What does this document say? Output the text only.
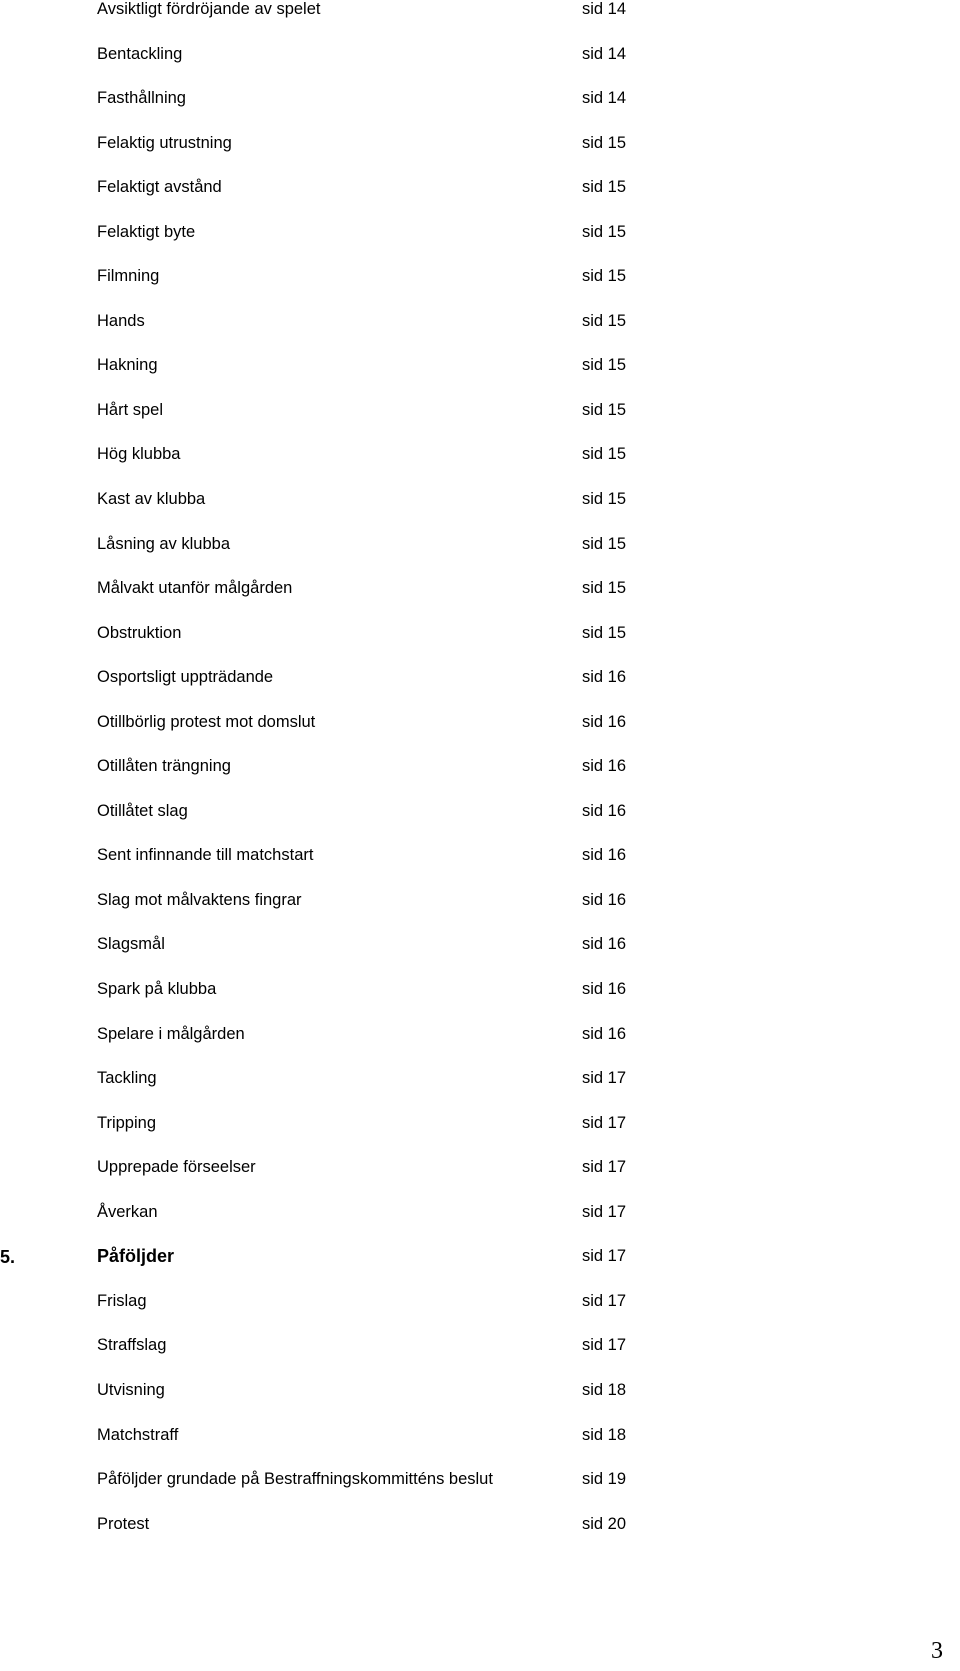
Avsiktligt fördröjande av spelet	sid 14
Bentackling	sid 14
Fasthållning	sid 14
Felaktig utrustning	sid 15
Felaktigt avstånd	sid 15
Felaktigt byte	sid 15
Filmning	sid 15
Hands	sid 15
Hakning	sid 15
Hårt spel	sid 15
Hög klubba	sid 15
Kast av klubba	sid 15
Låsning av klubba	sid 15
Målvakt utanför målgården	sid 15
Obstruktion	sid 15
Osportsligt uppträdande	sid 16
Otillbörlig protest mot domslut	sid 16
Otillåten trängning	sid 16
Otillåtet slag	sid 16
Sent infinnande till matchstart	sid 16
Slag mot målvaktens fingrar	sid 16
Slagsmål	sid 16
Spark på klubba	sid 16
Spelare i målgården	sid 16
Tackling	sid 17
Tripping	sid 17
Upprepade förseelser	sid 17
Åverkan	sid 17
5.	Påföljder	sid 17
Frislag	sid 17
Straffslag	sid 17
Utvisning	sid 18
Matchstraff	sid 18
Påföljder grundade på Bestraffningskommitténs beslut	sid 19
Protest	sid 20
3
